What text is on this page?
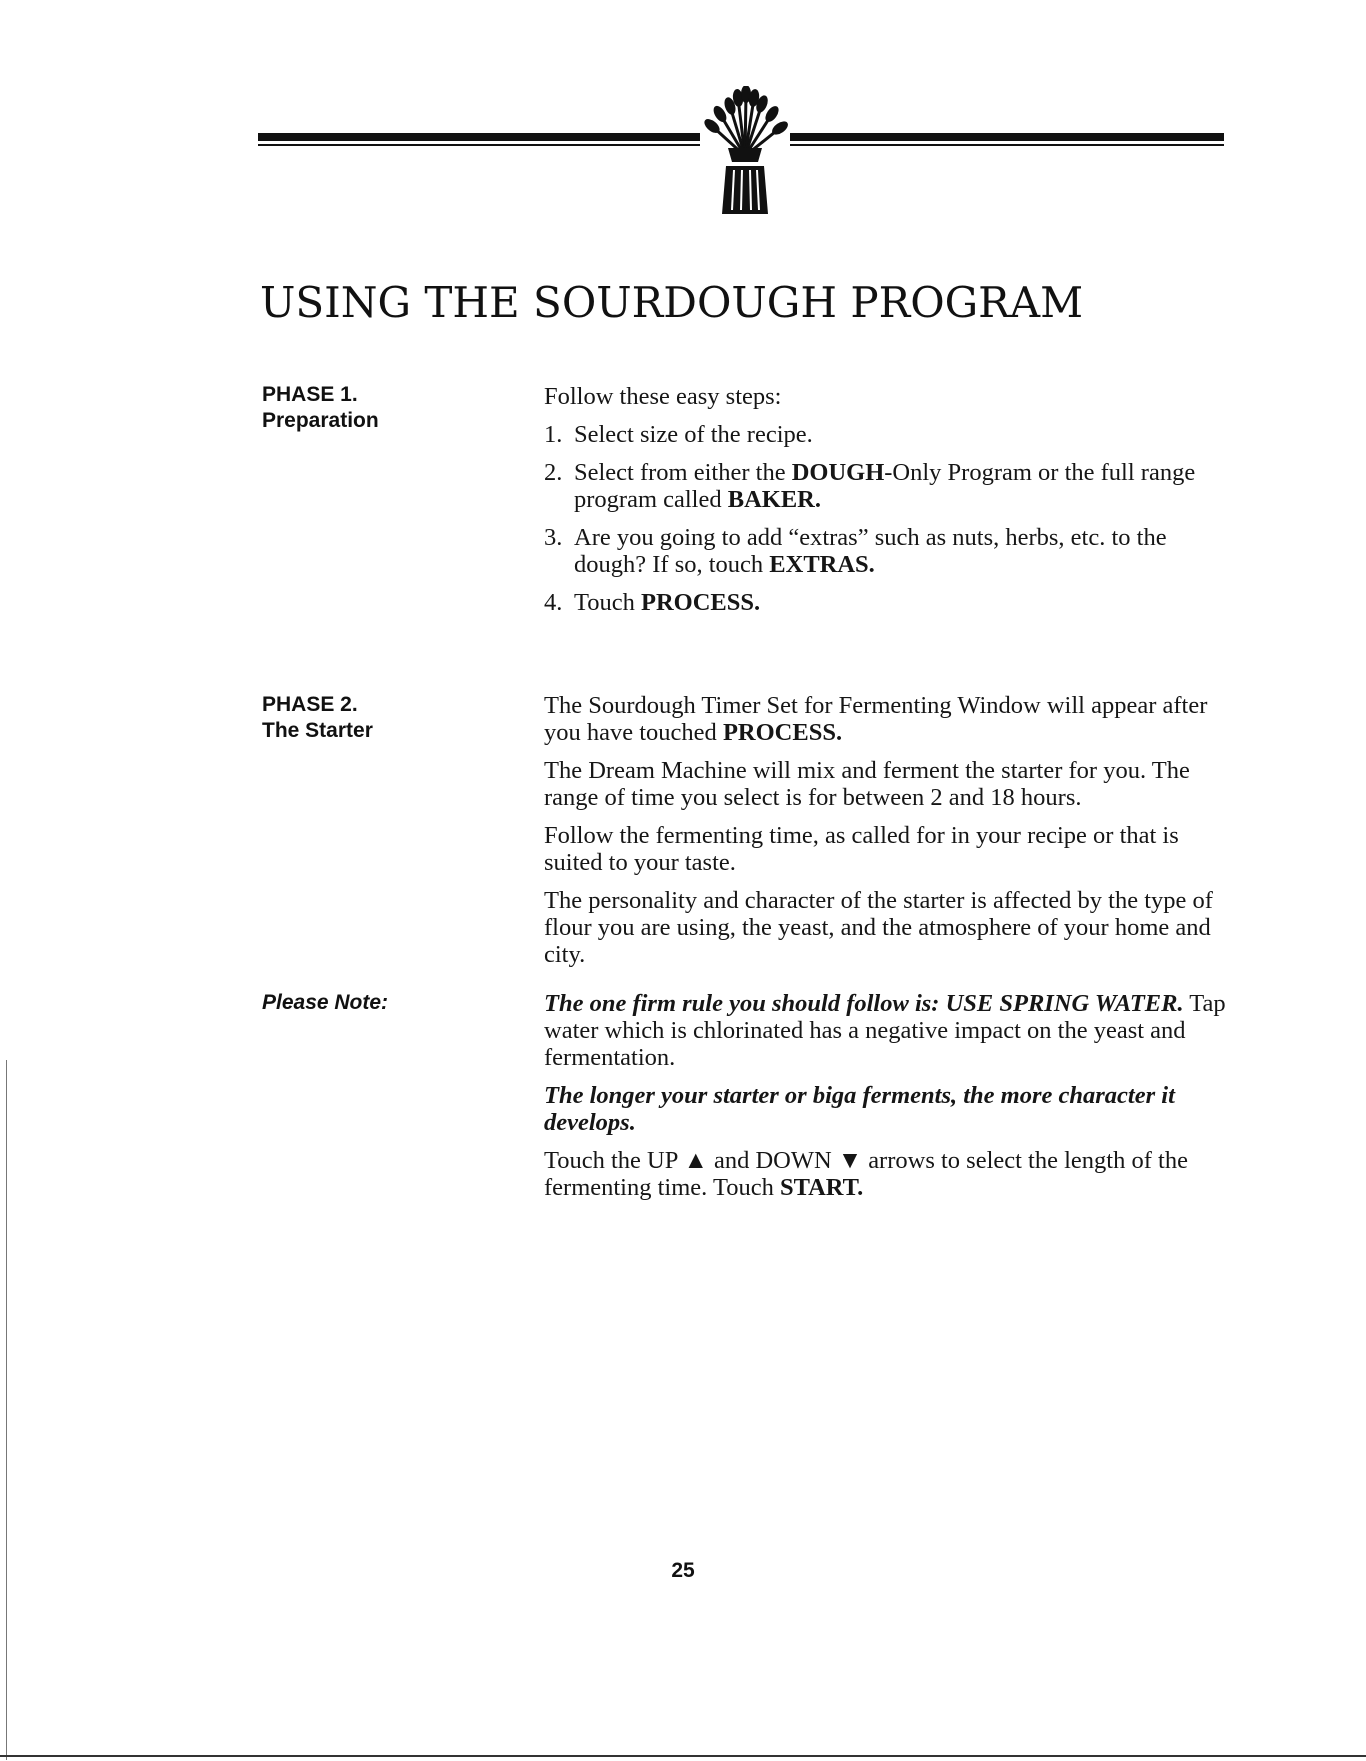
USING THE SOURDOUGH PROGRAM
PHASE 1.
Preparation

Follow these easy steps:

1. Select size of the recipe.
2. Select from either the DOUGH-Only Program or the full range program called BAKER.
3. Are you going to add “extras” such as nuts, herbs, etc. to the dough? If so, touch EXTRAS.
4. Touch PROCESS.
PHASE 2.
The Starter

The Sourdough Timer Set for Fermenting Window will appear after you have touched PROCESS.

The Dream Machine will mix and ferment the starter for you. The range of time you select is for between 2 and 18 hours.

Follow the fermenting time, as called for in your recipe or that is suited to your taste.

The personality and character of the starter is affected by the type of flour you are using, the yeast, and the atmosphere of your home and city.

Please Note:	The one firm rule you should follow is: USE SPRING WATER. Tap water which is chlorinated has a negative impact on the yeast and fermentation.

The longer your starter or biga ferments, the more character it develops.

Touch the UP ▲ and DOWN ▼ arrows to select the length of the fermenting time. Touch START.

25
